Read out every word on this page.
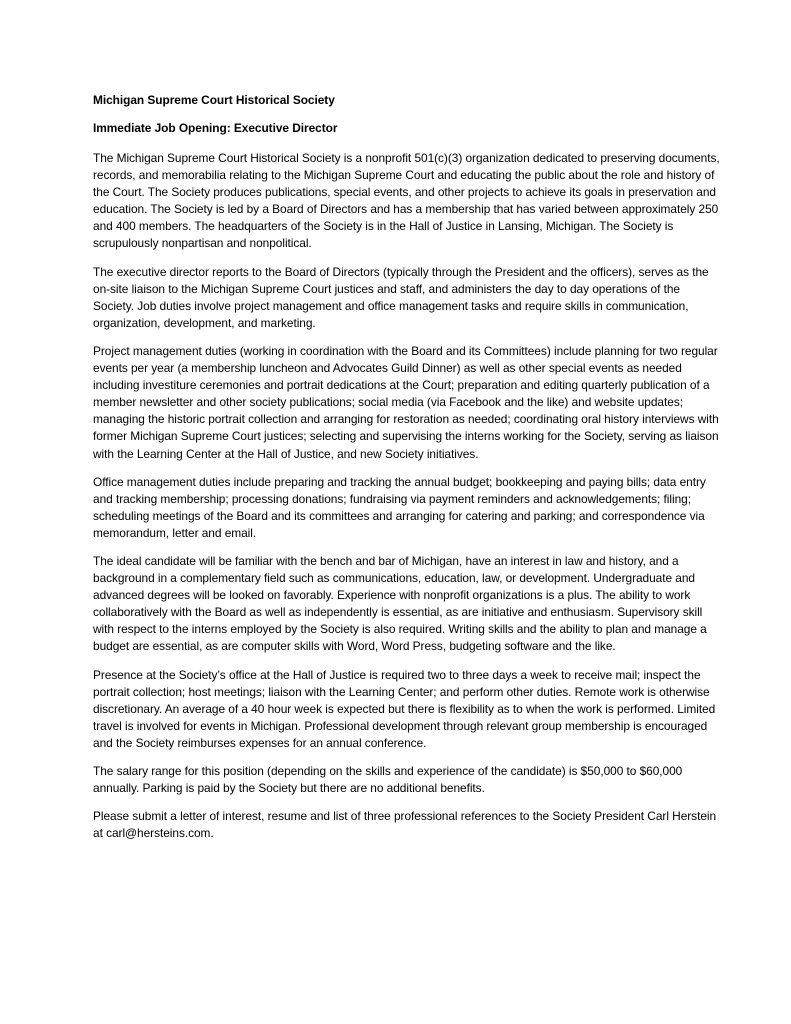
Michigan Supreme Court Historical Society
Immediate Job Opening: Executive Director

The Michigan Supreme Court Historical Society is a nonprofit 501(c)(3) organization dedicated to preserving documents, records, and memorabilia relating to the Michigan Supreme Court and educating the public about the role and history of the Court. The Society produces publications, special events, and other projects to achieve its goals in preservation and education. The Society is led by a Board of Directors and has a membership that has varied between approximately 250 and 400 members. The headquarters of the Society is in the Hall of Justice in Lansing, Michigan. The Society is scrupulously nonpartisan and nonpolitical.

The executive director reports to the Board of Directors (typically through the President and the officers), serves as the on-site liaison to the Michigan Supreme Court justices and staff, and administers the day to day operations of the Society. Job duties involve project management and office management tasks and require skills in communication, organization, development, and marketing.

Project management duties (working in coordination with the Board and its Committees) include planning for two regular events per year (a membership luncheon and Advocates Guild Dinner) as well as other special events as needed including investiture ceremonies and portrait dedications at the Court; preparation and editing quarterly publication of a member newsletter and other society publications; social media (via Facebook and the like) and website updates; managing the historic portrait collection and arranging for restoration as needed; coordinating oral history interviews with former Michigan Supreme Court justices; selecting and supervising the interns working for the Society, serving as liaison with the Learning Center at the Hall of Justice, and new Society initiatives.

Office management duties include preparing and tracking the annual budget; bookkeeping and paying bills; data entry and tracking membership; processing donations; fundraising via payment reminders and acknowledgements; filing; scheduling meetings of the Board and its committees and arranging for catering and parking; and correspondence via memorandum, letter and email.

The ideal candidate will be familiar with the bench and bar of Michigan, have an interest in law and history, and a background in a complementary field such as communications, education, law, or development. Undergraduate and advanced degrees will be looked on favorably. Experience with nonprofit organizations is a plus. The ability to work collaboratively with the Board as well as independently is essential, as are initiative and enthusiasm. Supervisory skill with respect to the interns employed by the Society is also required. Writing skills and the ability to plan and manage a budget are essential, as are computer skills with Word, Word Press, budgeting software and the like.

Presence at the Society’s office at the Hall of Justice is required two to three days a week to receive mail; inspect the portrait collection; host meetings; liaison with the Learning Center; and perform other duties. Remote work is otherwise discretionary. An average of a 40 hour week is expected but there is flexibility as to when the work is performed. Limited travel is involved for events in Michigan. Professional development through relevant group membership is encouraged and the Society reimburses expenses for an annual conference.

The salary range for this position (depending on the skills and experience of the candidate) is $50,000 to $60,000 annually. Parking is paid by the Society but there are no additional benefits.

Please submit a letter of interest, resume and list of three professional references to the Society President Carl Herstein at carl@hersteins.com.
